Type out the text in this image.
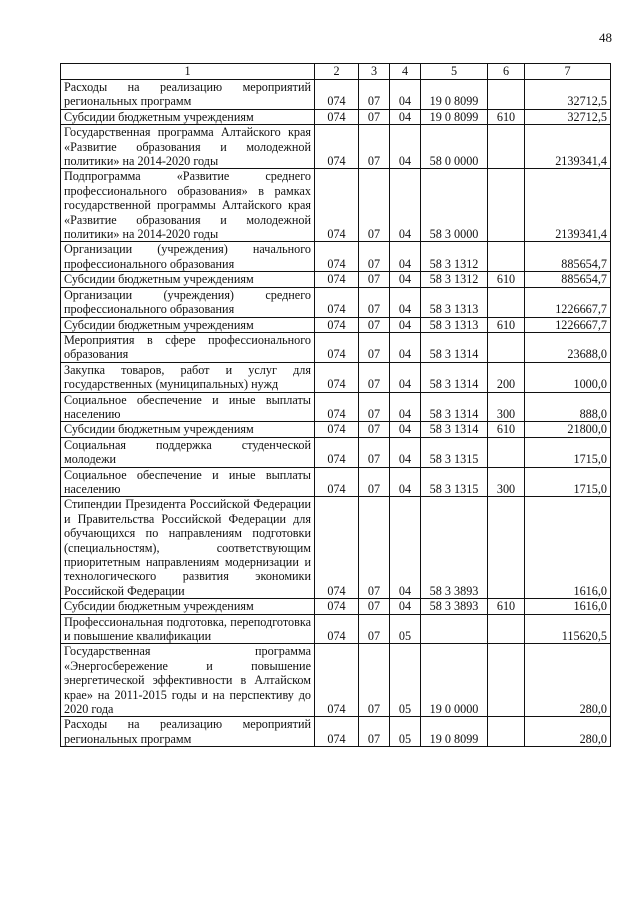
48
1	2	3	4	5	6	7
Расходы на реализацию мероприятий региональных программ	074	07	04	19 0 8099		32712,5
Субсидии бюджетным учреждениям	074	07	04	19 0 8099	610	32712,5
Государственная программа Алтайского края «Развитие образования и молодежной политики» на 2014-2020 годы	074	07	04	58 0 0000		2139341,4
Подпрограмма «Развитие среднего профессионального образования» в рамках государственной программы Алтайского края «Развитие образования и молодежной политики» на 2014-2020 годы	074	07	04	58 3 0000		2139341,4
Организации (учреждения) начального профессионального образования	074	07	04	58 3 1312		885654,7
Субсидии бюджетным учреждениям	074	07	04	58 3 1312	610	885654,7
Организации (учреждения) среднего профессионального образования	074	07	04	58 3 1313		1226667,7
Субсидии бюджетным учреждениям	074	07	04	58 3 1313	610	1226667,7
Мероприятия в сфере профессионального образования	074	07	04	58 3 1314		23688,0
Закупка товаров, работ и услуг для государственных (муниципальных) нужд	074	07	04	58 3 1314	200	1000,0
Социальное обеспечение и иные выплаты населению	074	07	04	58 3 1314	300	888,0
Субсидии бюджетным учреждениям	074	07	04	58 3 1314	610	21800,0
Социальная поддержка студенческой молодежи	074	07	04	58 3 1315		1715,0
Социальное обеспечение и иные выплаты населению	074	07	04	58 3 1315	300	1715,0
Стипендии Президента Российской Федерации и Правительства Российской Федерации для обучающихся по направлениям подготовки (специальностям), соответствующим приоритетным направлениям модернизации и технологического развития экономики Российской Федерации	074	07	04	58 3 3893		1616,0
Субсидии бюджетным учреждениям	074	07	04	58 3 3893	610	1616,0
Профессиональная подготовка, переподготовка и повышение квалификации	074	07	05			115620,5
Государственная программа «Энергосбережение и повышение энергетической эффективности в Алтайском крае» на 2011-2015 годы и на перспективу до 2020 года	074	07	05	19 0 0000		280,0
Расходы на реализацию мероприятий региональных программ	074	07	05	19 0 8099		280,0
